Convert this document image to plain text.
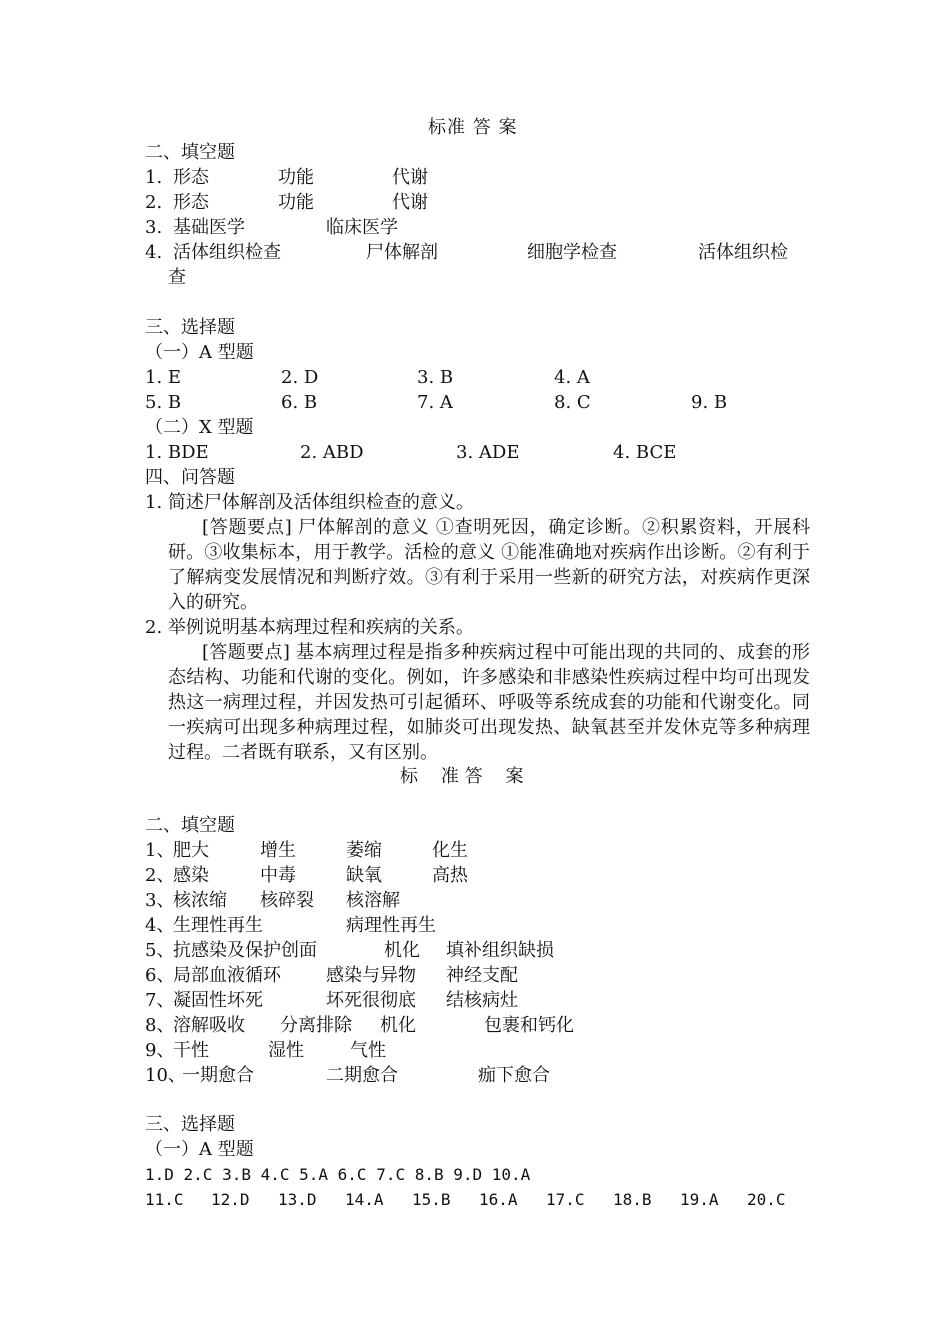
标准 答 案
二、填空题
1. 形态	功能	代谢
2. 形态	功能	代谢
3. 基础医学	临床医学
4. 活体组织检查	尸体解剖	细胞学检查	活体组织检
查
三、选择题
（一）A 型题
1. E	2. D	3. B	4. A
5. B	6. B	7. A	8. C	9. B
（二）X 型题
1. BDE	2. ABD	3. ADE	4. BCE
四、问答题
1. 简述尸体解剖及活体组织检查的意义。
[答题要点] 尸体解剖的意义 ①查明死因，确定诊断。②积累资料，开展科研。③收集标本，用于教学。活检的意义 ①能准确地对疾病作出诊断。②有利于了解病变发展情况和判断疗效。③有利于采用一些新的研究方法，对疾病作更深入的研究。
2. 举例说明基本病理过程和疾病的关系。
[答题要点] 基本病理过程是指多种疾病过程中可能出现的共同的、成套的形态结构、功能和代谢的变化。例如，许多感染和非感染性疾病过程中均可出现发热这一病理过程，并因发热可引起循环、呼吸等系统成套的功能和代谢变化。同一疾病可出现多种病理过程，如肺炎可出现发热、缺氧甚至并发休克等多种病理过程。二者既有联系，又有区别。
标    准 答    案
二、填空题
1、
肥大	增生	萎缩	化生
2、
感染	中毒	缺氧	高热
3、
核浓缩 核碎裂 核溶解
4、
生理性再生	病理性再生
5、
抗感染及保护创面	机化 填补组织缺损
6、
局部血液循环	感染与异物 神经支配
7、
凝固性坏死	坏死很彻底 结核病灶
8、
溶解吸收 分离排除 机化	包裹和钙化
9、
干性	湿性	气性
10、
一期愈合	二期愈合	痂下愈合
三、选择题
（一）A 型题
1.D 2.C 3.B 4.C 5.A 6.C 7.C 8.B 9.D 10.A
11.C 12.D 13.D 14.A 15.B 16.A 17.C 18.B 19.A 20.C
